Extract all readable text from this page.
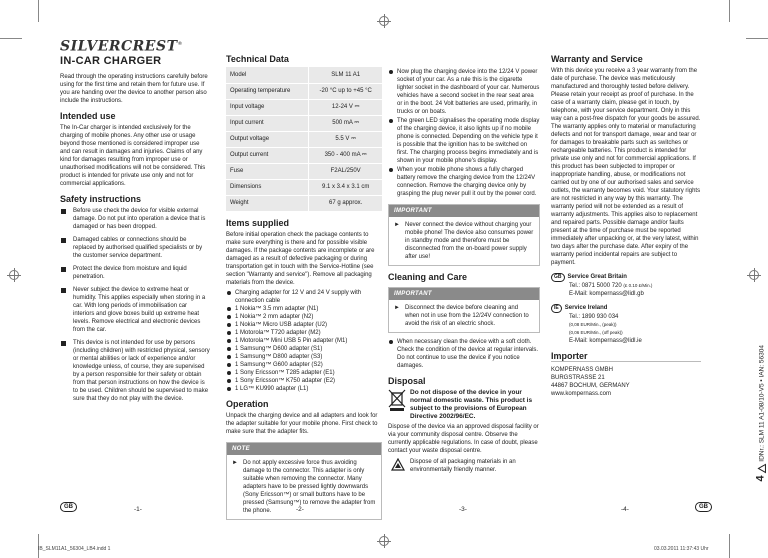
SILVERCREST®
IN-CAR CHARGER

Read through the operating instructions carefully before using for the first time and retain them for future use. If you are handing over the device to another person also include the instructions.

Intended use

The In-Car charger is intended exclusively for the charging of mobile phones. Any other use or usage beyond those mentioned is considered improper use and can result in damages and injuries. Claims of any kind for damages resulting from improper use or unauthorised modifications will not be considered. This product is intended for private use only and not for commercial applications.

Safety instructions
Before use check the device for visible external damage. Do not put into operation a device that is damaged or has been dropped.
Damaged cables or connections should be replaced by authorised qualified specialists or by the customer service department.
Protect the device from moisture and liquid penetration.
Never subject the device to extreme heat or humidity. This applies especially when storing in a car. With long periods of immobilisation car interiors and glove boxes build up extreme heat levels. Remove electrical and electronic devices from the car.
This device is not intended for use by persons (including children) with restricted physical, sensory or mental abilities or lack of experience and/or knowledge unless, of course, they are supervised by a person responsible for their safety or obtain from that person instructions on how the device is to be used. Children should be supervised to make sure that they do not play with the device.
Technical Data
Model	SLM 11 A1
Operating temperature	-20 °C up to +45 °C
Input voltage	12-24 V ⎓
Input current	500 mA ⎓
Output voltage	5.5 V ⎓
Output current	350 - 400 mA ⎓
Fuse	F2AL/250V
Dimensions	9.1 x 3.4 x 3.1 cm
Weight	67 g approx.
Items supplied

Before initial operation check the package contents to make sure everything is there and for possible visible damages. If the package contents are incomplete or are damaged as a result of defective packaging or during transportation get in touch with the Service-Hotline (see section "Warranty and service"). Remove all packaging materials from the device.

Charging adapter for 12 V and 24 V supply with connection cable
1 Nokia™ 3.5 mm adapter (N1)
1 Nokia™ 2 mm adapter (N2)
1 Nokia™ Micro USB adapter (U2)
1 Motorola™ T720 adapter (M2)
1 Motorola™ Mini USB 5 Pin adapter (M1)
1 Samsung™ D600 adapter (S1)
1 Samsung™ D800 adapter (S3)
1 Samsung™ G600 adapter (S2)
1 Sony Ericsson™ T285 adapter (E1)
1 Sony Ericsson™ K750 adapter (E2)
1 LG™ KU990 adapter (L1)
Operation

Unpack the charging device and all adapters and look for the adapter suitable for your mobile phone. First check to make sure that the adapter fits.

NOTE
► Do not apply excessive force thus avoiding damage to the connector. This adapter is only suitable when removing the connector. Many adapters have to be pressed lightly downwards (Sony Ericsson™) or small buttons have to be pressed (Samsung™) to remove the adapter from the phone.
Now plug the charging device into the 12/24 V power socket of your car. As a rule this is the cigarette lighter socket in the dashboard of your car. Numerous vehicles have a second socket in the rear seat area or in the boot. 24 Volt batteries are used, primarily, in trucks or on boats.
The green LED signalises the operating mode display of the charging device, it also lights up if no mobile phone is connected. Depending on the vehicle type it is possible that the ignition has to be switched on first. The charging process begins immediately and is shown in your mobile phone's display.
When your mobile phone shows a fully charged battery remove the charging device from the 12/24V connection. Remove the charging device only by grasping the plug never pull it out by the power cord.
IMPORTANT
► Never connect the device without charging your mobile phone! The device also consumes power in standby mode and therefore must be disconnected from the on-board power supply after use!
Cleaning and Care
IMPORTANT
► Disconnect the device before cleaning and when not in use from the 12/24V connection to avoid the risk of an electric shock.
When necessary clean the device with a soft cloth. Check the condition of the device at regular intervals. Do not continue to use the device if you notice damages.
Disposal

Do not dispose of the device in your normal domestic waste. This product is subject to the provisions of European Directive 2002/96/EC.

Dispose of the device via an approved disposal facility or via your community disposal centre. Observe the currently applicable regulations. In case of doubt, please contact your waste disposal centre.

Dispose of all packaging materials in an environmentally friendly manner.

Warranty and Service

With this device you receive a 3 year warranty from the date of purchase. The device was meticulously manufactured and thoroughly tested before delivery. Please retain your receipt as proof of purchase. In the case of a warranty claim, please get in touch, by telephone, with your service department. Only in this way can a post-free dispatch for your goods be assured. The warranty applies only to material or manufacturing defects and not for transport damage, wear and tear or for damages to breakable parts such as switches or rechargeable batteries. This product is intended for private use only and not for commercial applications. If this product has been subjected to improper or inappropriate handling, abuse, or modifications not carried out by one of our authorised sales and service outlets, the warranty becomes void. Your statutory rights are not restricted in any way by this warranty. The warranty period will not be extended as a result of warranty adjustments. This applies also to replacement and repaired parts. Possible damage and/or faults present at the time of purchase must be reported immediately after unpacking or, at the very latest, within two days after the purchase date. After expiry of the warranty period incidental repairs are subject to payment.

GB Service Great Britain
Tel.: 0871 5000 720 (£ 0.10 £/Min.)
E-Mail: kompernass@lidl.gb
IE Service Ireland
Tel.: 1890 930 034
(0,08 EUR/Min., (peak))
(0,06 EUR/Min., (off peak))
E-Mail: kompernass@lidl.ie
Importer
KOMPERNASS GMBH
BURGSTRASSE 21
44867 BOCHUM, GERMANY
www.kompernass.com
4  IDNr.: SLM 11 A1-08/10-V5 • IAN: 56304
GB	-1-	-2-	-3-	-4-	GB
IB_SLM11A1_56304_LB4.indd 1	03.03.2011 11:37:43 Uhr
